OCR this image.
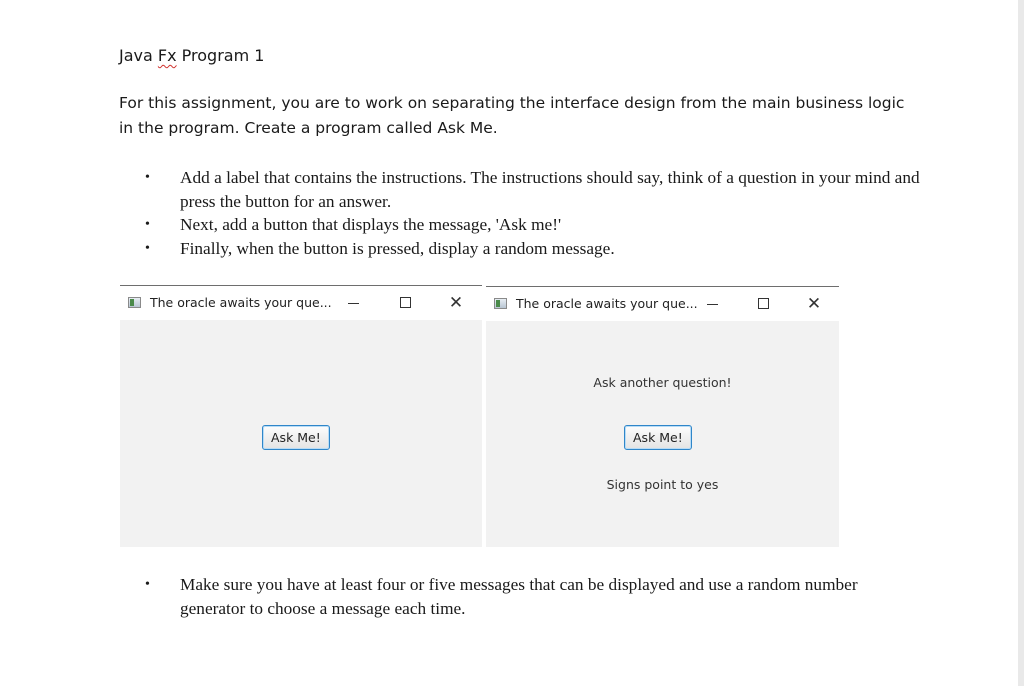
Java Fx Program 1
For this assignment, you are to work on separating the interface design from the main business logic in the program. Create a program called Ask Me.
• Add a label that contains the instructions. The instructions should say, think of a question in your mind and press the button for an answer.
• Next, add a button that displays the message, 'Ask me!'
• Finally, when the button is pressed, display a random message.
The oracle awaits your que...	✕
Ask Me!
The oracle awaits your que...	✕
Ask another question!
Ask Me!
Signs point to yes
• Make sure you have at least four or five messages that can be displayed and use a random number generator to choose a message each time.
